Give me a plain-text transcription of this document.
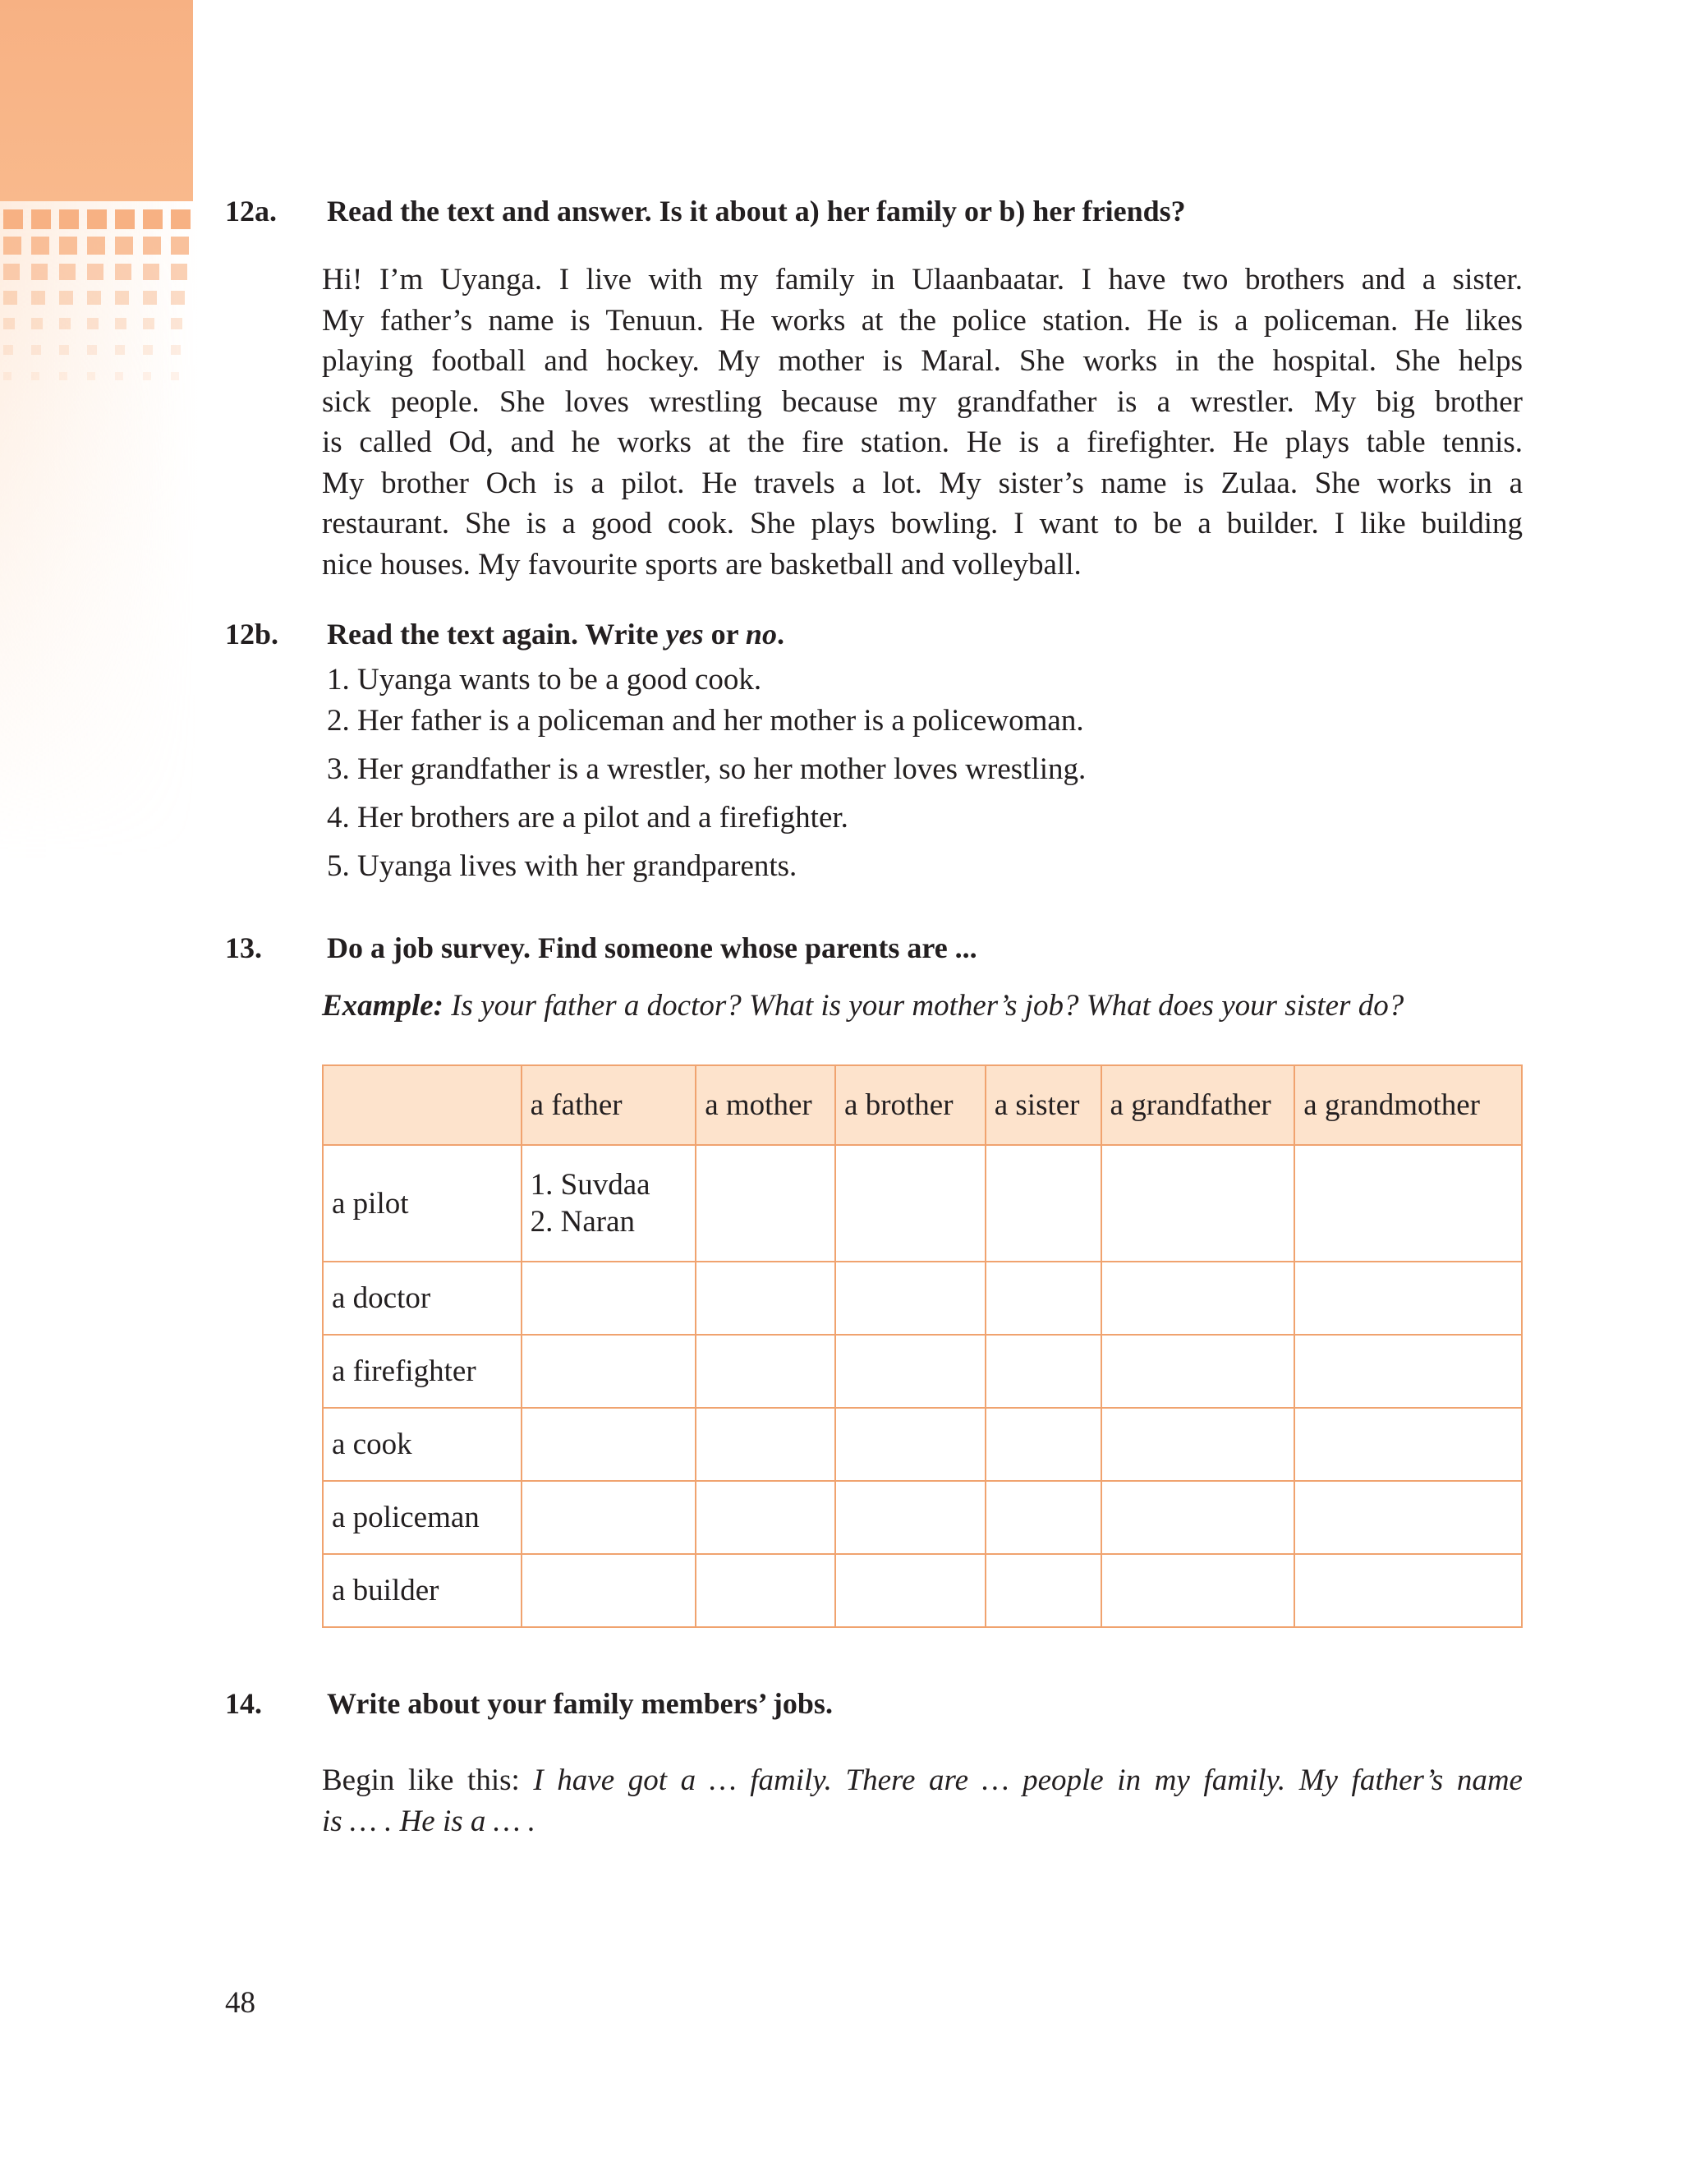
12a. Read the text and answer. Is it about a) her family or b) her friends?
Hi! I’m Uyanga. I live with my family in Ulaanbaatar. I have two brothers and a sister.
My father’s name is Tenuun. He works at the police station. He is a policeman. He likes
playing football and hockey. My mother is Maral. She works in the hospital. She helps
sick people. She loves wrestling because my grandfather is a wrestler. My big brother
is called Od, and he works at the fire station. He is a firefighter. He plays table tennis.
My brother Och is a pilot. He travels a lot. My sister’s name is Zulaa. She works in a
restaurant. She is a good cook. She plays bowling. I want to be a builder. I like building
nice houses. My favourite sports are basketball and volleyball.
12b. Read the text again. Write yes or no.
1. Uyanga wants to be a good cook.
2. Her father is a policeman and her mother is a policewoman.
3. Her grandfather is a wrestler, so her mother loves wrestling.
4. Her brothers are a pilot and a firefighter.
5. Uyanga lives with her grandparents.
13. Do a job survey. Find someone whose parents are ...
Example: Is your father a doctor? What is your mother’s job? What does your sister do?
	a father	a mother	a brother	a sister	a grandfather	a grandmother
a pilot	1. Suvdaa
2. Naran					

a doctor						
a firefighter						
a cook						
a policeman						
a builder						
14. Write about your family members’ jobs.
Begin like this: I have got a … family. There are … people in my family. My father’s name
is … . He is a … .
48
